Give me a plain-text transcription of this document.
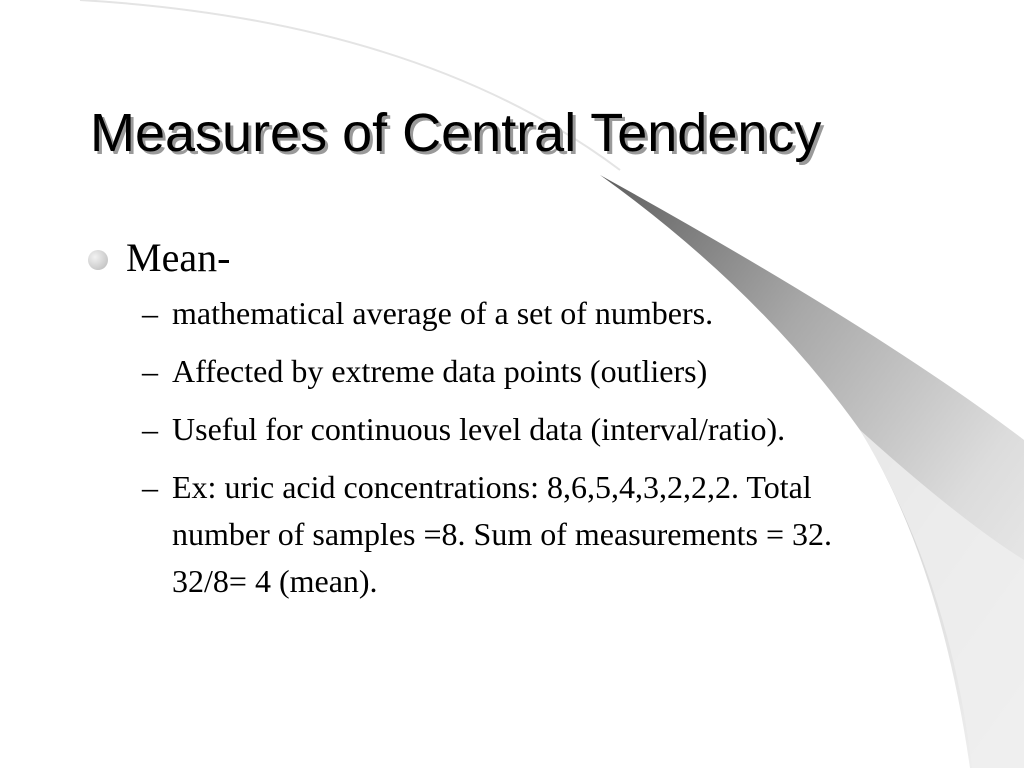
Measures of Central Tendency
Mean-
– mathematical average of a set of numbers.
– Affected by extreme data points (outliers)
– Useful for continuous level data (interval/ratio).
– Ex: uric acid concentrations: 8,6,5,4,3,2,2,2. Total number of samples =8. Sum of measurements = 32.  32/8= 4 (mean).
